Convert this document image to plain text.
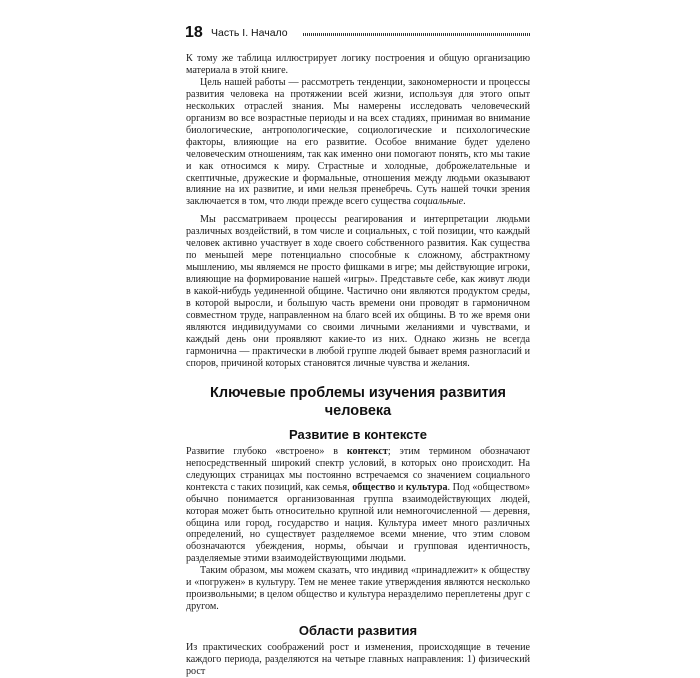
18 Часть I. Начало

К тому же таблица иллюстрирует логику построения и общую организацию материала в этой книге.

Цель нашей работы — рассмотреть тенденции, закономерности и процессы развития человека на протяжении всей жизни, используя для этого опыт нескольких отраслей знания. Мы намерены исследовать человеческий организм во все возрастные периоды и на всех стадиях, принимая во внимание биологические, антропологические, социологические и психологические факторы, влияющие на его развитие. Особое внимание будет уделено человеческим отношениям, так как именно они помогают понять, кто мы такие и как относимся к миру. Страстные и холодные, доброжелательные и скептичные, дружеские и формальные, отношения между людьми оказывают влияние на их развитие, и ими нельзя пренебречь. Суть нашей точки зрения заключается в том, что люди прежде всего существа социальные.

Мы рассматриваем процессы реагирования и интерпретации людьми различных воздействий, в том числе и социальных, с той позиции, что каждый человек активно участвует в ходе своего собственного развития. Как существа по меньшей мере потенциально способные к сложному, абстрактному мышлению, мы являемся не просто фишками в игре; мы действующие игроки, влияющие на формирование нашей «игры». Представьте себе, как живут люди в какой-нибудь уединенной общине. Частично они являются продуктом среды, в которой выросли, и большую часть времени они проводят в гармоничном совместном труде, направленном на благо всей их общины. В то же время они являются индивидуумами со своими личными желаниями и чувствами, и каждый день они проявляют какие-то из них. Однако жизнь не всегда гармонична — практически в любой группе людей бывает время разногласий и споров, причиной которых становятся личные чувства и желания.

Ключевые проблемы изучения развития человека
Развитие в контексте

Развитие глубоко «встроено» в контекст; этим термином обозначают непосредственный широкий спектр условий, в которых оно происходит. На следующих страницах мы постоянно встречаемся со значением социального контекста с таких позиций, как семья, общество и культура. Под «обществом» обычно понимается организованная группа взаимодействующих людей, которая может быть относительно крупной или немногочисленной — деревня, община или город, государство и нация. Культура имеет много различных определений, но существует разделяемое всеми мнение, что этим словом обозначаются убеждения, нормы, обычаи и групповая идентичность, разделяемые этими взаимодействующими людьми.

Таким образом, мы можем сказать, что индивид «принадлежит» к обществу и «погружен» в культуру. Тем не менее такие утверждения являются несколько произвольными; в целом общество и культура неразделимо переплетены друг с другом.

Области развития

Из практических соображений рост и изменения, происходящие в течение каждого периода, разделяются на четыре главных направления: 1) физический рост
